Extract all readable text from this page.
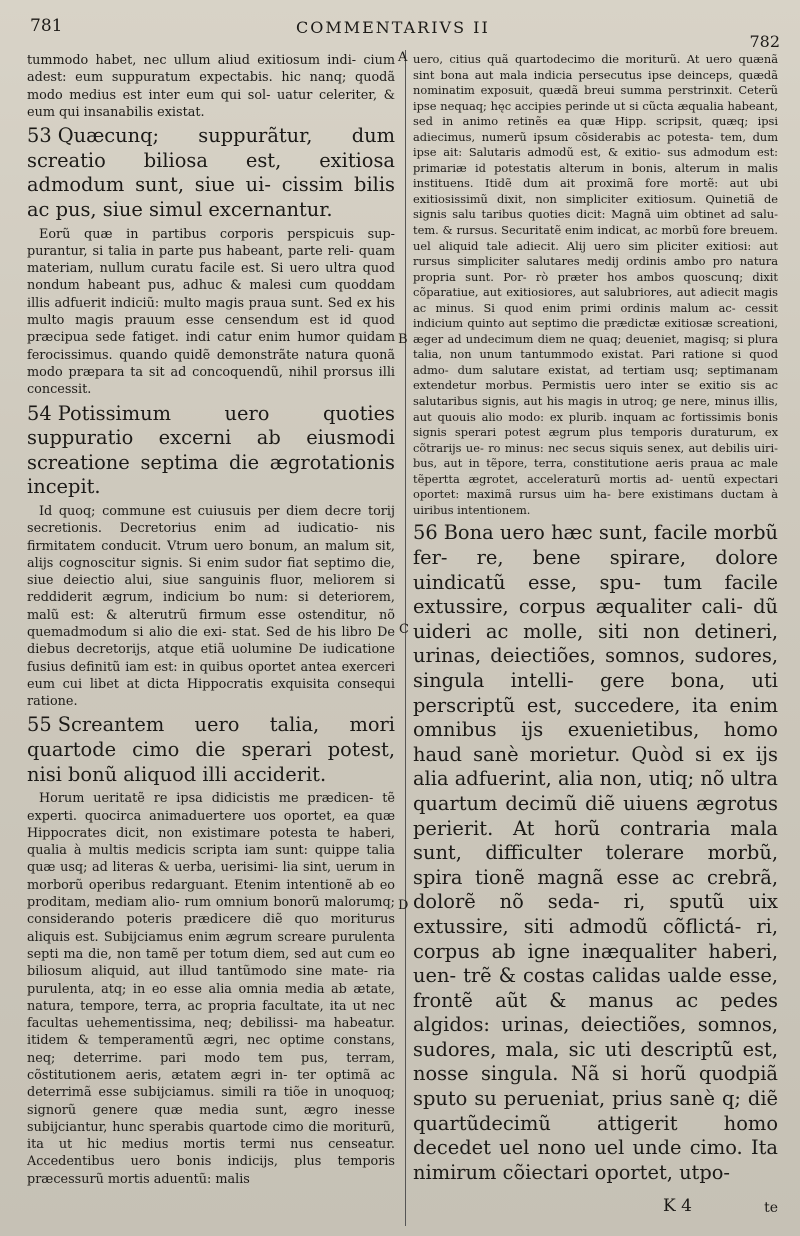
781	COMMENTARIVS II
782
A
B
C
D

tummodo habet, nec ullum aliud exitiosum indi- cium adest: eum suppuratum expectabis. hic nanq; quodã modo medius est inter eum qui sol- uatur celeriter, & eum qui insanabilis existat.

53 Quæcunq; suppurãtur, dum screatio biliosa est, exitiosa admodum sunt, siue ui- cissim bilis ac pus, siue simul excernantur.

Eorũ quæ in partibus corporis perspicuis sup- purantur, si talia in parte pus habeant, parte reli- quam materiam, nullum curatu facile est. Si uero ultra quod nondum habeant pus, adhuc & malesi cum quoddam illis adfuerit indiciũ: multo magis praua sunt. Sed ex his multo magis prauum esse censendum est id quod præcipua sede fatiget. indi catur enim humor quidam ferocissimus. quando quidẽ demonstrãte natura quonã modo præpara ta sit ad concoquendũ, nihil prorsus illi concessit.

54 Potissimum uero quoties suppuratio excerni ab eiusmodi screatione septima die ægrotationis incepit.

Id quoq; commune est cuiusuis per diem decre torij secretionis. Decretorius enim ad iudicatio- nis firmitatem conducit. Vtrum uero bonum, an malum sit, alijs cognoscitur signis. Si enim sudor fiat septimo die, siue deiectio alui, siue sanguinis fluor, meliorem si reddiderit ægrum, indicium bo num: si deteriorem, malũ est: & alterutrũ firmum esse ostenditur, nõ quemadmodum si alio die exi- stat. Sed de his libro De diebus decretorijs, atque etiã uolumine De iudicatione fusius definitũ iam est: in quibus oportet antea exerceri eum cui libet at dicta Hippocratis exquisita consequi ratione.

55 Screantem uero talia, mori quartode cimo die sperari potest, nisi bonũ aliquod illi acciderit.

Horum ueritatẽ re ipsa didicistis me prædicen- tẽ experti. quocirca animaduertere uos oportet, ea quæ Hippocrates dicit, non existimare potesta te haberi, qualia à multis medicis scripta iam sunt: quippe talia quæ usq; ad literas & uerba, uerisimi- lia sint, uerum in morborũ operibus redarguant. Etenim intentionẽ ab eo proditam, mediam alio- rum omnium bonorũ malorumq; considerando poteris prædicere diẽ quo moriturus aliquis est. Subijciamus enim ægrum screare purulenta septi ma die, non tamẽ per totum diem, sed aut cum eo biliosum aliquid, aut illud tantũmodo sine mate- ria purulenta, atq; in eo esse alia omnia media ab ætate, natura, tempore, terra, ac propria facultate, ita ut nec facultas uehementissima, neq; debilissi- ma habeatur. itidem & temperamentũ ægri, nec optime constans, neq; deterrime. pari modo tem pus, terram, cõstitutionem aeris, ætatem ægri in- ter optimã ac deterrimã esse subijciamus. simili ra tiõe in unoquoq; signorũ genere quæ media sunt, ægro inesse subijciantur, hunc sperabis quartode cimo die moriturũ, ita ut hic medius mortis termi nus censeatur. Accedentibus uero bonis indicijs, plus temporis præcessurũ mortis aduentũ: malis

uero, citius quã quartodecimo die moriturũ. At uero quænã sint bona aut mala indicia persecutus ipse deinceps, quædã nominatim exposuit, quædã breui summa perstrinxit. Ceterũ ipse nequaq; hęc accipies perinde ut si cũcta æqualia habeant, sed in animo retinẽs ea quæ Hipp. scripsit, quæq; ipsi adiecimus, numerũ ipsum cõsiderabis ac potesta- tem, dum ipse ait: Salutaris admodũ est, & exitio- sus admodum est: primariæ id potestatis alterum in bonis, alterum in malis instituens. Itidẽ dum ait proximã fore mortẽ: aut ubi exitiosissimũ dixit, non simpliciter exitiosum. Quinetiã de signis salu taribus quoties dicit: Magnã uim obtinet ad salu- tem. & rursus. Securitatẽ enim indicat, ac morbũ fore breuem. uel aliquid tale adiecit. Alij uero sim pliciter exitiosi: aut rursus simpliciter salutares medij ordinis ambo pro natura propria sunt. Por- rò præter hos ambos quoscunq; dixit cõparatiue, aut exitiosiores, aut salubriores, aut adiecit magis ac minus. Si quod enim primi ordinis malum ac- cessit indicium quinto aut septimo die prædictæ exitiosæ screationi, æger ad undecimum diem ne quaq; deueniet, magisq; si plura talia, non unum tantummodo existat. Pari ratione si quod admo- dum salutare existat, ad tertiam usq; septimanam extendetur morbus. Permistis uero inter se exitio sis ac salutaribus signis, aut his magis in utroq; ge nere, minus illis, aut quouis alio modo: ex plurib. inquam ac fortissimis bonis signis sperari potest ægrum plus temporis duraturum, ex cõtrarijs ue- ro minus: nec secus siquis senex, aut debilis uiri- bus, aut in tẽpore, terra, constitutione aeris praua ac male tẽpertta ægrotet, acceleraturũ mortis ad- uentũ expectari oportet: maximã rursus uim ha- bere existimans ductam à uiribus intentionem.

56 Bona uero hæc sunt, facile morbũ fer- re, bene spirare, dolore uindicatũ esse, spu- tum facile extussire, corpus æqualiter cali- dũ uideri ac molle, siti non detineri, urinas, deiectiões, somnos, sudores, singula intelli- gere bona, uti perscriptũ est, succedere, ita enim omnibus ijs exuenietibus, homo haud sanè morietur. Quòd si ex ijs alia adfuerint, alia non, utiq; nõ ultra quartum decimũ diẽ uiuens ægrotus perierit. At horũ contraria mala sunt, difficulter tolerare morbũ, spira tionẽ magnã esse ac crebrã, dolorẽ nõ seda- ri, sputũ uix extussire, siti admodũ cõflictá- ri, corpus ab igne inæqualiter haberi, uen- trẽ & costas calidas ualde esse, frontẽ aũt & manus ac pedes algidos: urinas, deiectiões, somnos, sudores, mala, sic uti descriptũ est, nosse singula. Nã si horũ quodpiã sputo su perueniat, prius sanè q; diẽ quartũdecimũ attigerit homo decedet uel nono uel unde cimo. Ita nimirum cõiectari oportet, utpo-

K 4	te
